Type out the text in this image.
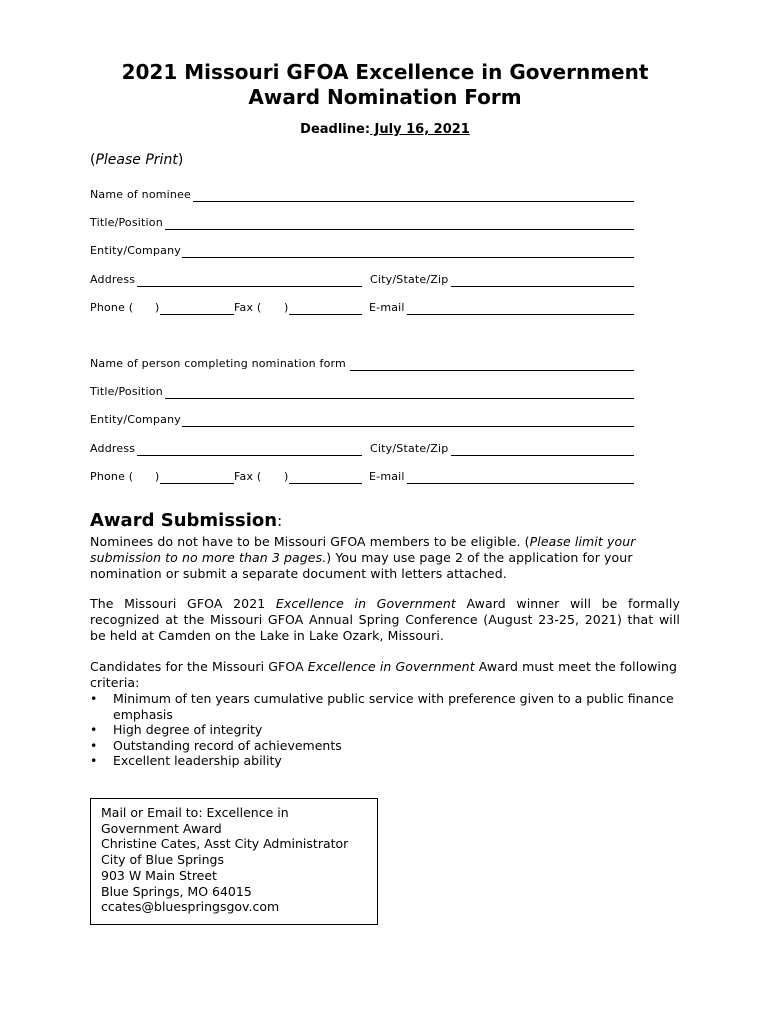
2021 Missouri GFOA Excellence in Government
Award Nomination Form
Deadline: July 16, 2021
(Please Print)
Name of nominee
Title/Position
Entity/Company
Address	City/State/Zip
Phone ( )	Fax ( )	E-mail
Name of person completing nomination form
Title/Position
Entity/Company
Address	City/State/Zip
Phone ( )	Fax ( )	E-mail
Award Submission:
Nominees do not have to be Missouri GFOA members to be eligible. (Please limit your submission to no more than 3 pages.) You may use page 2 of the application for your nomination or submit a separate document with letters attached.
The Missouri GFOA 2021 Excellence in Government Award winner will be formally recognized at the Missouri GFOA Annual Spring Conference (August 23-25, 2021) that will be held at Camden on the Lake in Lake Ozark, Missouri.
Candidates for the Missouri GFOA Excellence in Government Award must meet the following criteria:
• Minimum of ten years cumulative public service with preference given to a public finance emphasis
• High degree of integrity
• Outstanding record of achievements
• Excellent leadership ability
Mail or Email to: Excellence in
Government Award
Christine Cates, Asst City Administrator
City of Blue Springs
903 W Main Street
Blue Springs, MO 64015
ccates@bluespringsgov.com
